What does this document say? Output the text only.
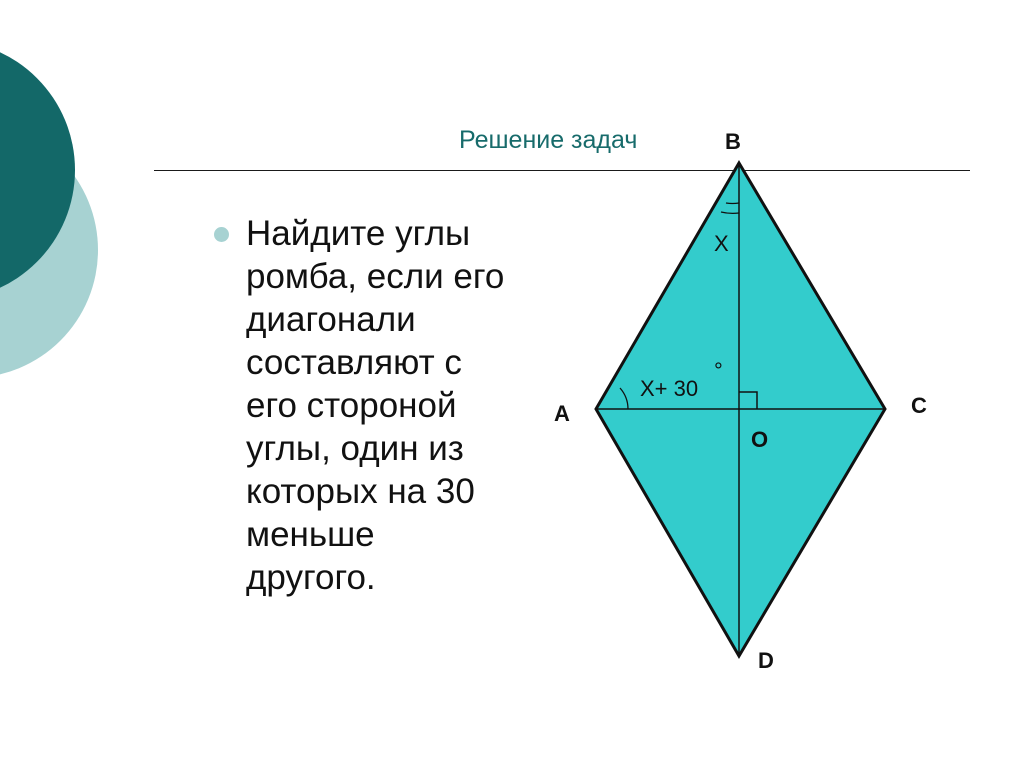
Решение задач
Найдите углы
ромба, если его
диагонали
составляют с
его стороной
углы, один из
которых на 30
меньше
другого.
B
A	C
D
O
X
X+ 30
°
